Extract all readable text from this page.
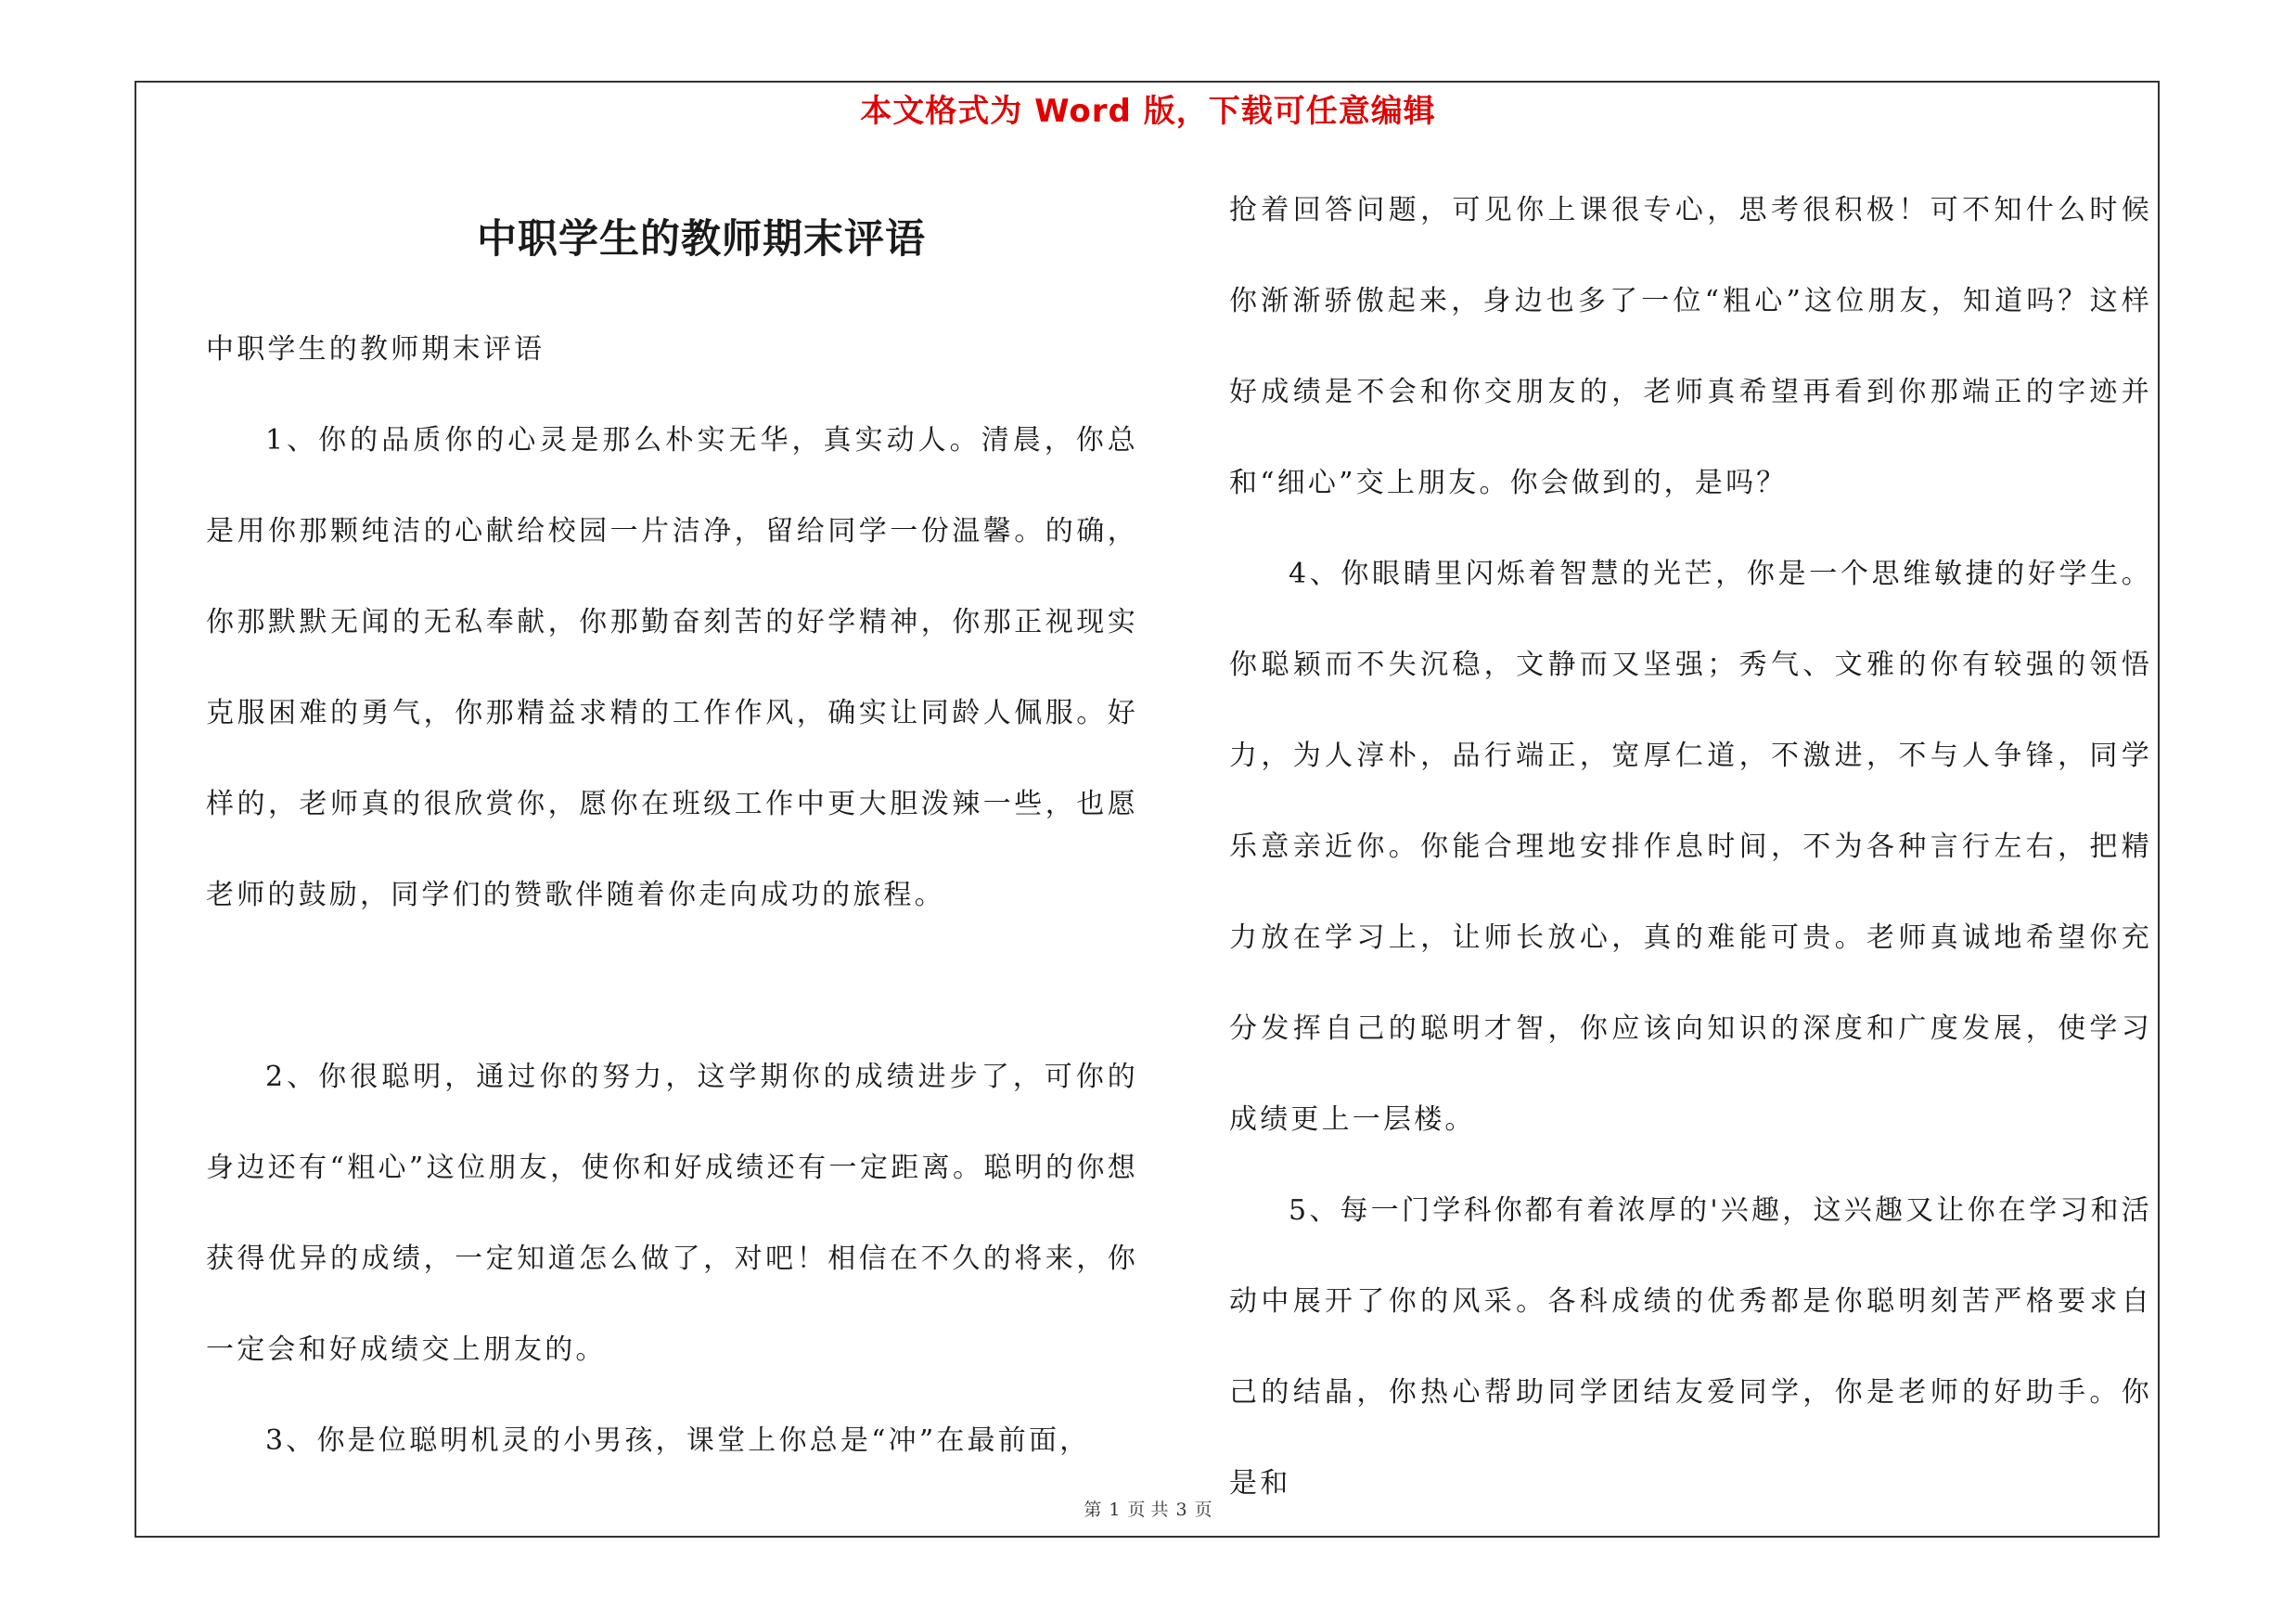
本文格式为 Word 版，下载可任意编辑
中职学生的教师期末评语

中职学生的教师期末评语

1、你的品质你的心灵是那么朴实无华，真实动人。清晨，你总是用你那颗纯洁的心献给校园一片洁净，留给同学一份温馨。的确，你那默默无闻的无私奉献，你那勤奋刻苦的好学精神，你那正视现实克服困难的勇气，你那精益求精的工作作风，确实让同龄人佩服。好样的，老师真的很欣赏你，愿你在班级工作中更大胆泼辣一些，也愿老师的鼓励，同学们的赞歌伴随着你走向成功的旅程。

2、你很聪明，通过你的努力，这学期你的成绩进步了，可你的身边还有“粗心”这位朋友，使你和好成绩还有一定距离。聪明的你想获得优异的成绩，一定知道怎么做了，对吧！相信在不久的将来，你一定会和好成绩交上朋友的。

3、你是位聪明机灵的小男孩，课堂上你总是“冲”在最前面，

抢着回答问题，可见你上课很专心，思考很积极！可不知什么时候你渐渐骄傲起来，身边也多了一位“粗心”这位朋友，知道吗？这样好成绩是不会和你交朋友的，老师真希望再看到你那端正的字迹并和“细心”交上朋友。你会做到的，是吗？

4、你眼睛里闪烁着智慧的光芒，你是一个思维敏捷的好学生。你聪颖而不失沉稳，文静而又坚强；秀气、文雅的你有较强的领悟力，为人淳朴，品行端正，宽厚仁道，不激进，不与人争锋，同学乐意亲近你。你能合理地安排作息时间，不为各种言行左右，把精力放在学习上，让师长放心，真的难能可贵。老师真诚地希望你充分发挥自己的聪明才智，你应该向知识的深度和广度发展，使学习成绩更上一层楼。

5、每一门学科你都有着浓厚的'兴趣，这兴趣又让你在学习和活动中展开了你的风采。各科成绩的优秀都是你聪明刻苦严格要求自己的结晶，你热心帮助同学团结友爱同学，你是老师的好助手。你是和

第 1 页 共 3 页
